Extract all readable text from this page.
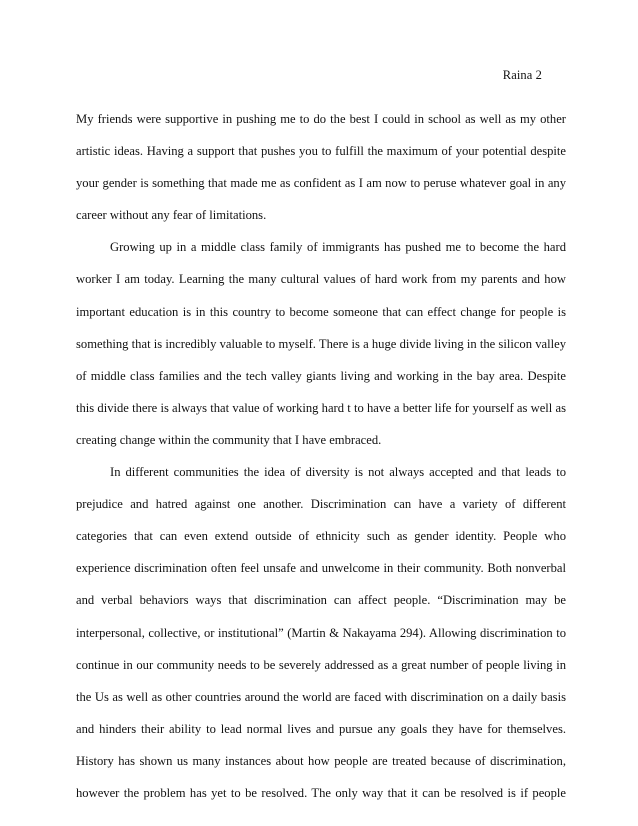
Raina 2
My friends were supportive in pushing me to do the best I could in school as well as my other
artistic ideas. Having a support that pushes you to fulfill the maximum of your potential despite
your gender is something that made me as confident as I am now to peruse whatever goal in any
career without any fear of limitations.
Growing up in a middle class family of immigrants has pushed me to become the hard
worker I am today. Learning the many cultural values of hard work from my parents and how
important education is in this country to become someone that can effect change for people is
something that is incredibly valuable to myself. There is a huge divide living in the silicon valley
of middle class families and the tech valley giants living and working in the bay area. Despite
this divide there is always that value of working hard t to have a better life for yourself as well as
creating change within the community that I have embraced.
In different communities the idea of diversity is not always accepted and that leads to
prejudice and hatred against one another. Discrimination can have a variety of different
categories that can even extend outside of ethnicity such as gender identity. People who
experience discrimination often feel unsafe and unwelcome in their community. Both nonverbal
and verbal behaviors ways that discrimination can affect people. “Discrimination may be
interpersonal, collective, or institutional” (Martin & Nakayama 294). Allowing discrimination to
continue in our community needs to be severely addressed as a great number of people living in
the Us as well as other countries around the world are faced with discrimination on a daily basis
and hinders their ability to lead normal lives and pursue any goals they have for themselves.
History has shown us many instances about how people are treated because of discrimination,
however the problem has yet to be resolved. The only way that it can be resolved is if people
